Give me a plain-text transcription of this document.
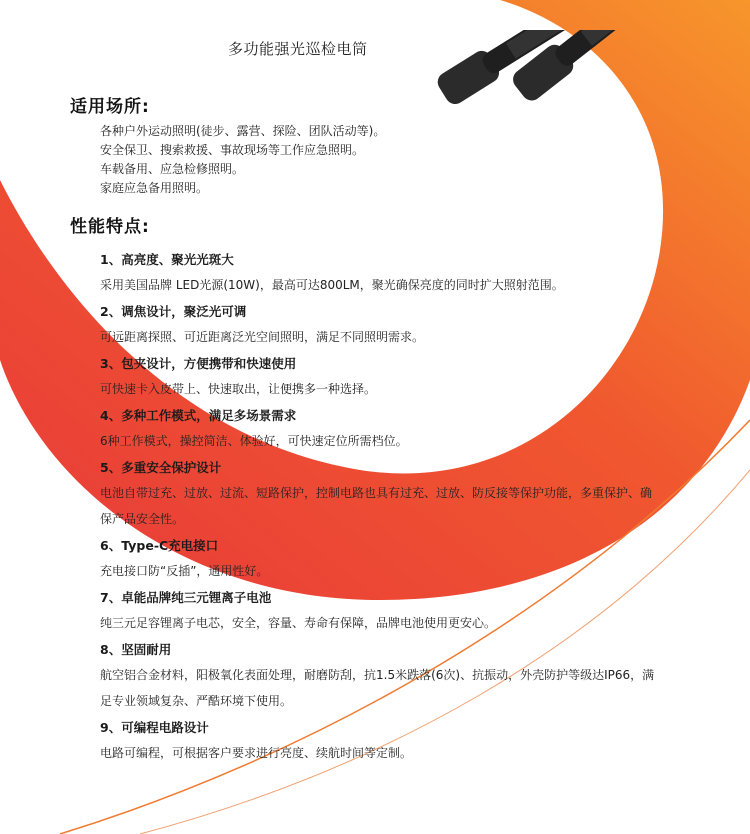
多功能强光巡检电筒
适用场所:
各种户外运动照明(徒步、露营、探险、团队活动等)。
安全保卫、搜索救援、事故现场等工作应急照明。
车载备用、应急检修照明。
家庭应急备用照明。
性能特点:
1、高亮度、聚光光斑大
采用美国品牌 LED光源(10W)，最高可达800LM，聚光确保亮度的同时扩大照射范围。
2、调焦设计，聚泛光可调
可远距离探照、可近距离泛光空间照明，满足不同照明需求。
3、包夹设计，方便携带和快速使用
可快速卡入皮带上、快速取出，让便携多一种选择。
4、多种工作模式，满足多场景需求
6种工作模式，操控简洁、体验好，可快速定位所需档位。
5、多重安全保护设计
电池自带过充、过放、过流、短路保护，控制电路也具有过充、过放、防反接等保护功能，多重保护、确保产品安全性。
6、Type-C充电接口
充电接口防“反插”，通用性好。
7、卓能品牌纯三元锂离子电池
纯三元足容锂离子电芯，安全，容量、寿命有保障，品牌电池使用更安心。
8、坚固耐用
航空铝合金材料，阳极氧化表面处理，耐磨防刮，抗1.5米跌落(6次)、抗振动，外壳防护等级达IP66，满足专业领域复杂、严酷环境下使用。
9、可编程电路设计
电路可编程，可根据客户要求进行亮度、续航时间等定制。
